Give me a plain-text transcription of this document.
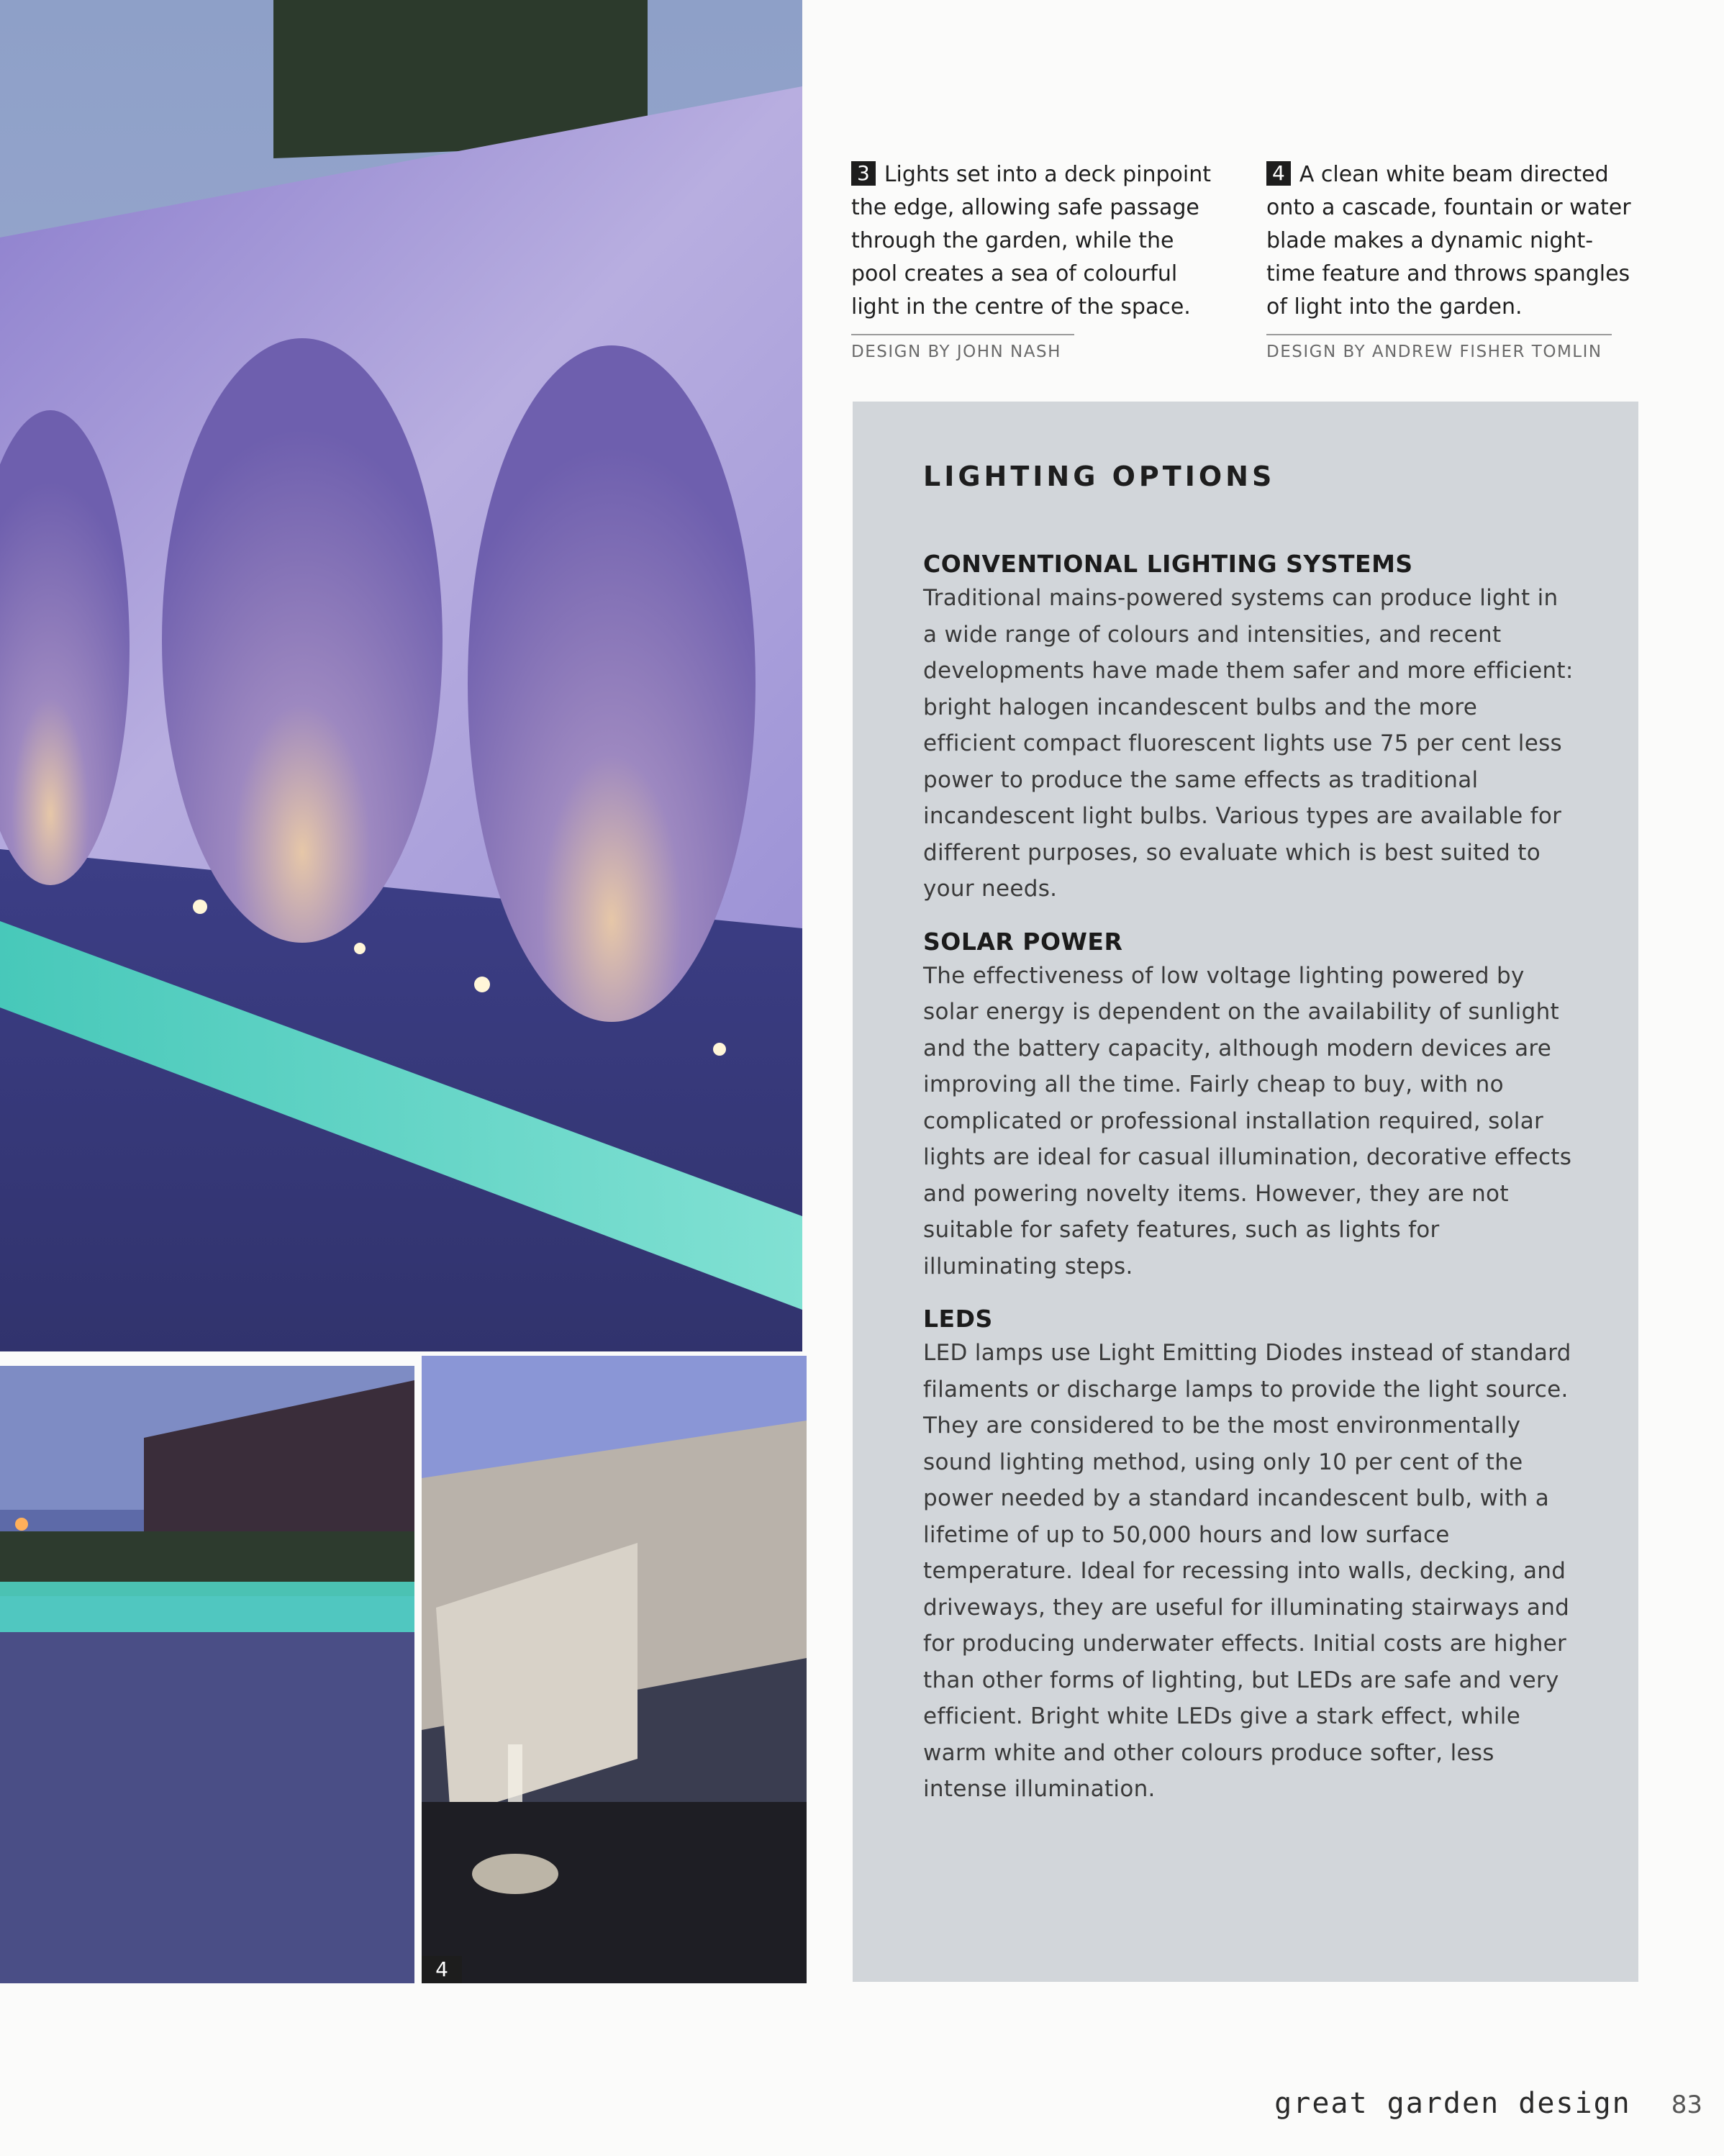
4
3 Lights set into a deck pinpoint the edge, allowing safe passage through the garden, while the pool creates a sea of colourful light in the centre of the space.
DESIGN BY JOHN NASH
4 A clean white beam directed onto a cascade, fountain or water blade makes a dynamic night-time feature and throws spangles of light into the garden.
DESIGN BY ANDREW FISHER TOMLIN
LIGHTING OPTIONS
CONVENTIONAL LIGHTING SYSTEMS

Traditional mains-powered systems can produce light in a wide range of colours and intensities, and recent developments have made them safer and more efficient: bright halogen incandescent bulbs and the more efficient compact fluorescent lights use 75 per cent less power to produce the same effects as traditional incandescent light bulbs. Various types are available for different purposes, so evaluate which is best suited to your needs.

SOLAR POWER

The effectiveness of low voltage lighting powered by solar energy is dependent on the availability of sunlight and the battery capacity, although modern devices are improving all the time. Fairly cheap to buy, with no complicated or professional installation required, solar lights are ideal for casual illumination, decorative effects and powering novelty items. However, they are not suitable for safety features, such as lights for illuminating steps.

LEDS

LED lamps use Light Emitting Diodes instead of standard filaments or discharge lamps to provide the light source. They are considered to be the most environmentally sound lighting method, using only 10 per cent of the power needed by a standard incandescent bulb, with a lifetime of up to 50,000 hours and low surface temperature. Ideal for recessing into walls, decking, and driveways, they are useful for illuminating stairways and for producing underwater effects. Initial costs are higher than other forms of lighting, but LEDs are safe and very efficient. Bright white LEDs give a stark effect, while warm white and other colours produce softer, less intense illumination.

great garden design 83
